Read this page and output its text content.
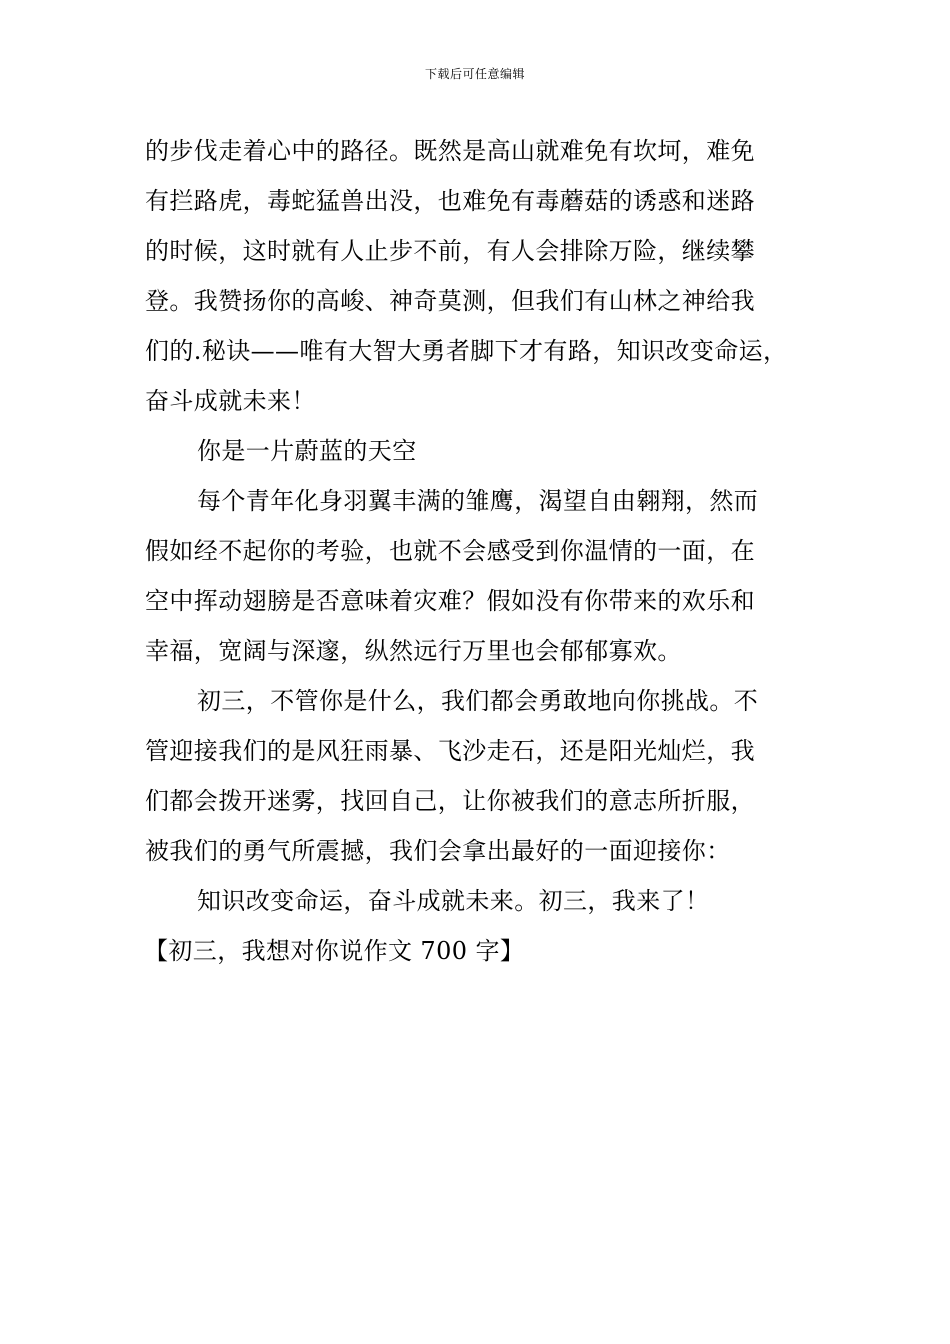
下载后可任意编辑
的步伐走着心中的路径。既然是高山就难免有坎坷，难免
有拦路虎，毒蛇猛兽出没，也难免有毒蘑菇的诱惑和迷路
的时候，这时就有人止步不前，有人会排除万险，继续攀
登。我赞扬你的高峻、神奇莫测，但我们有山林之神给我
们的.秘诀——唯有大智大勇者脚下才有路，知识改变命运，
奋斗成就未来！
你是一片蔚蓝的天空
每个青年化身羽翼丰满的雏鹰，渴望自由翱翔，然而
假如经不起你的考验，也就不会感受到你温情的一面，在
空中挥动翅膀是否意味着灾难？假如没有你带来的欢乐和
幸福，宽阔与深邃，纵然远行万里也会郁郁寡欢。
初三，不管你是什么，我们都会勇敢地向你挑战。不
管迎接我们的是风狂雨暴、飞沙走石，还是阳光灿烂，我
们都会拨开迷雾，找回自己，让你被我们的意志所折服，
被我们的勇气所震撼，我们会拿出最好的一面迎接你：
知识改变命运，奋斗成就未来。初三，我来了！
【初三，我想对你说作文 700 字】
